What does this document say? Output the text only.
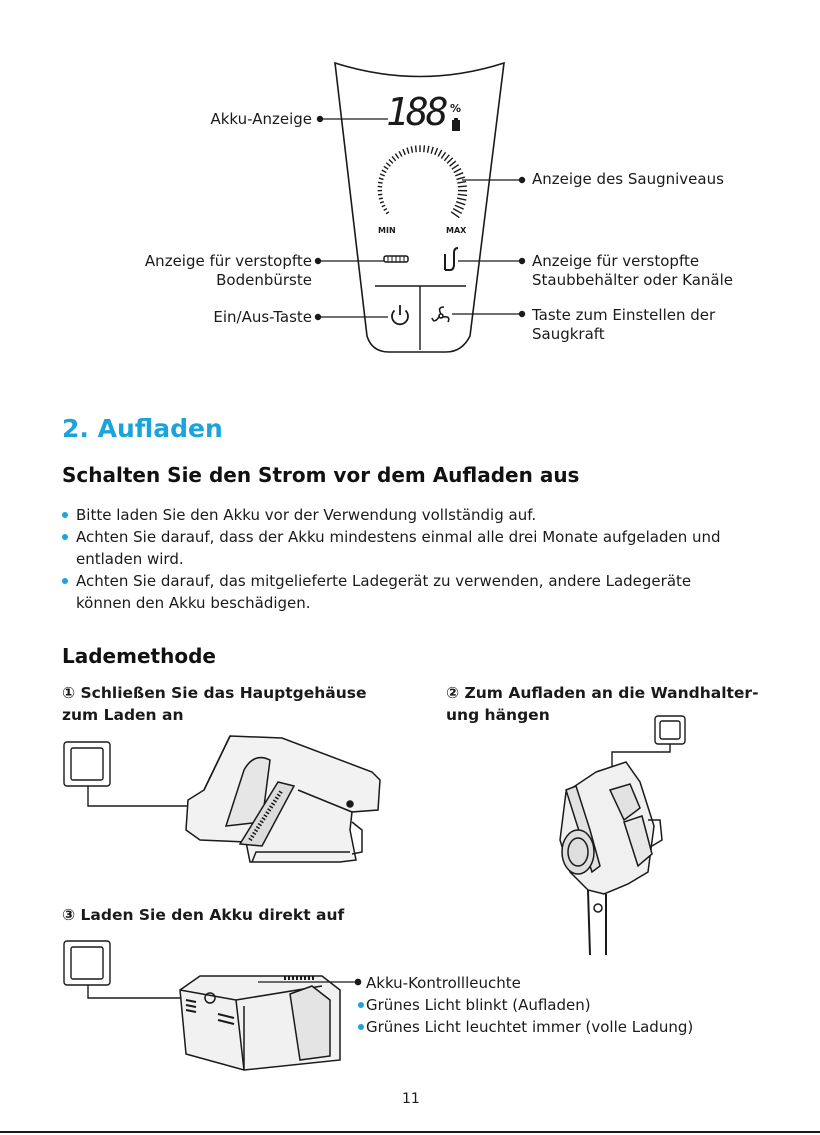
188 %
MIN	MAX
Akku-Anzeige
Anzeige des Saugniveaus
Anzeige für verstopfte
Bodenbürste
Anzeige für verstopfte
Staubbehälter oder Kanäle
Ein/Aus-Taste	Taste zum Einstellen der
Saugkraft
2. Aufladen
Schalten Sie den Strom vor dem Aufladen aus
Bitte laden Sie den Akku vor der Verwendung vollständig auf.
Achten Sie darauf, dass der Akku mindestens einmal alle drei Monate aufgeladen und
entladen wird.
Achten Sie darauf, das mitgelieferte Ladegerät zu verwenden, andere Ladegeräte
können den Akku beschädigen.
Lademethode
① Schließen Sie das Hauptgehäuse
zum Laden an
② Zum Aufladen an die Wandhalter-
ung hängen
③ Laden Sie den Akku direkt auf
Akku-Kontrollleuchte
Grünes Licht blinkt (Aufladen)
Grünes Licht leuchtet immer (volle Ladung)
11
